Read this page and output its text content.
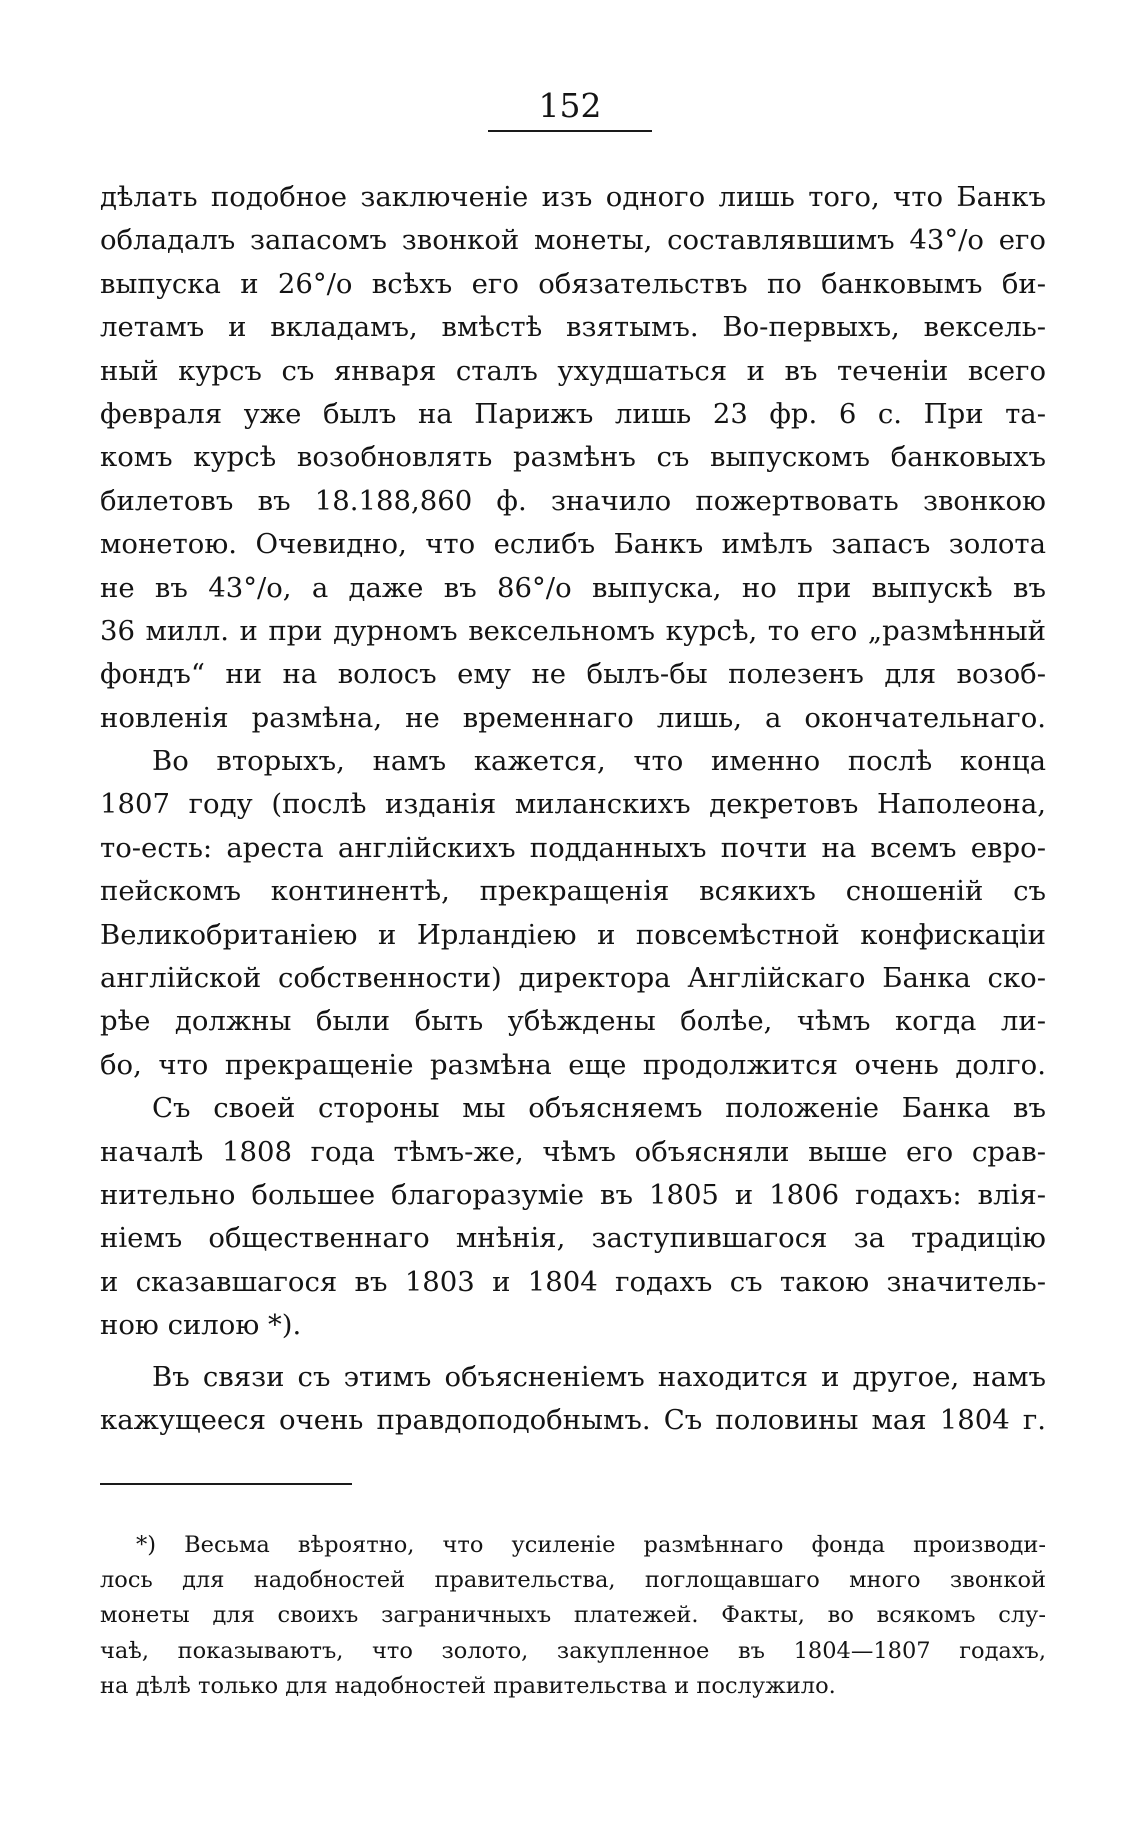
152
дѣлать подобное заключеніе изъ одного лишь того, что Банкъ
обладалъ запасомъ звонкой монеты, составлявшимъ 43°/о его
выпуска и 26°/о всѣхъ его обязательствъ по банковымъ би-
летамъ и вкладамъ, вмѣстѣ взятымъ. Во-первыхъ, вексель-
ный курсъ съ января сталъ ухудшаться и въ теченіи всего
февраля уже былъ на Парижъ лишь 23 фр. 6 с. При та-
комъ курсѣ возобновлять размѣнъ съ выпускомъ банковыхъ
билетовъ въ 18.188,860 ф. значило пожертвовать звонкою
монетою. Очевидно, что еслибъ Банкъ имѣлъ запасъ золота
не въ 43°/о, а даже въ 86°/о выпуска, но при выпускѣ въ
36 милл. и при дурномъ вексельномъ курсѣ, то его „размѣнный
фондъ“ ни на волосъ ему не былъ-бы полезенъ для возоб-
новленія размѣна, не временнаго лишь, а окончательнаго.
Во вторыхъ, намъ кажется, что именно послѣ конца
1807 году (послѣ изданія миланскихъ декретовъ Наполеона,
то-есть: ареста англійскихъ подданныхъ почти на всемъ евро-
пейскомъ континентѣ, прекращенія всякихъ сношеній съ
Великобританіею и Ирландіею и повсемѣстной конфискаціи
англійской собственности) директора Англійскаго Банка ско-
рѣе должны были быть убѣждены болѣе, чѣмъ когда ли-
бо, что прекращеніе размѣна еще продолжится очень долго.
Съ своей стороны мы объясняемъ положеніе Банка въ
началѣ 1808 года тѣмъ-же, чѣмъ объясняли выше его срав-
нительно большее благоразуміе въ 1805 и 1806 годахъ: влія-
ніемъ общественнаго мнѣнія, заступившагося за традицію
и сказавшагося въ 1803 и 1804 годахъ съ такою значитель-
ною силою *).
Въ связи съ этимъ объясненіемъ находится и другое, намъ
кажущееся очень правдоподобнымъ. Съ половины мая 1804 г.
*) Весьма вѣроятно, что усиленіе размѣннаго фонда производи-
лось для надобностей правительства, поглощавшаго много звонкой
монеты для своихъ заграничныхъ платежей. Факты, во всякомъ слу-
чаѣ, показываютъ, что золото, закупленное въ 1804—1807 годахъ,
на дѣлѣ только для надобностей правительства и послужило.
